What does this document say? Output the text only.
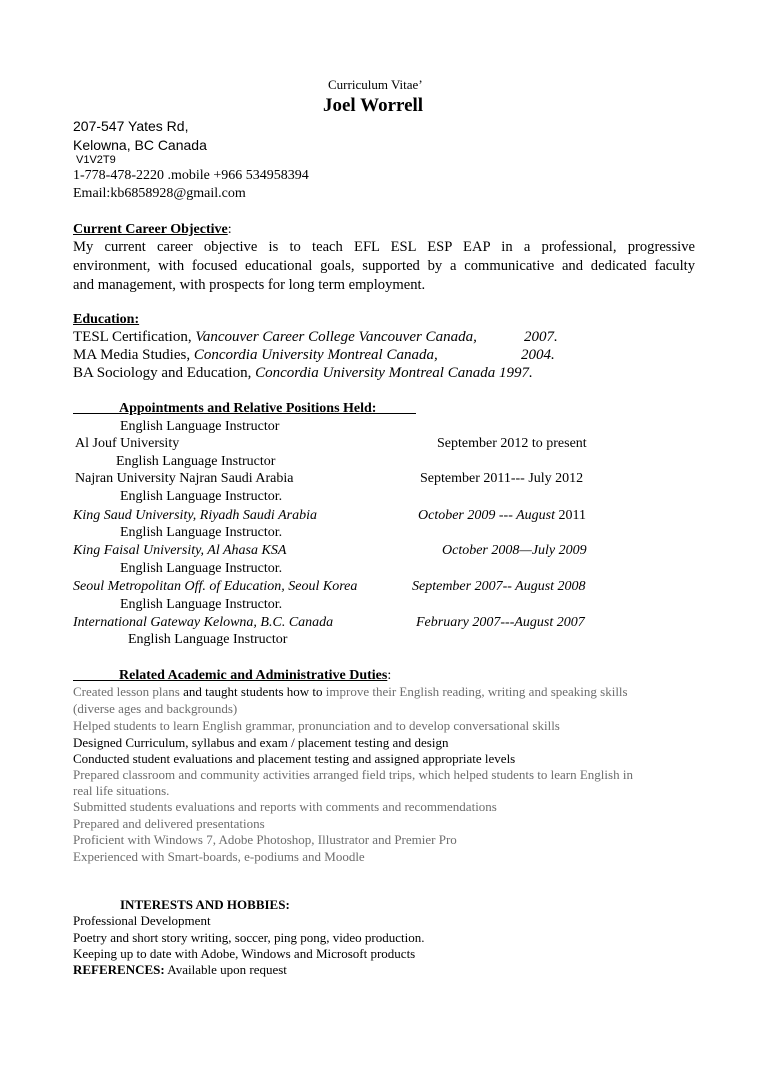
Curriculum Vitae’
Joel Worrell
207-547 Yates Rd,
Kelowna, BC Canada
V1V2T9
1-778-478-2220 .mobile +966 534958394
Email:kb6858928@gmail.com
Current Career Objective:
My current career objective is to teach EFL ESL ESP EAP in a professional, progressive
environment, with focused educational goals, supported by a communicative and dedicated faculty
and management, with prospects for long term employment.
Education:
TESL Certification, Vancouver Career College Vancouver Canada,	2007.
MA Media Studies, Concordia University Montreal Canada,	2004.
BA Sociology and Education, Concordia University Montreal Canada 1997.
Appointments and Relative Positions Held:
English Language Instructor
Al Jouf University	September 2012 to present
English Language Instructor
Najran University Najran Saudi Arabia	September 2011--- July 2012
English Language Instructor.
King Saud University, Riyadh Saudi Arabia	October 2009 --- August 2011
English Language Instructor.
King Faisal University, Al Ahasa KSA	October 2008—July 2009
English Language Instructor.
Seoul Metropolitan Off. of Education, Seoul Korea	September 2007-- August 2008
English Language Instructor.
International Gateway Kelowna, B.C. Canada	February 2007---August 2007
English Language Instructor
Related Academic and Administrative Duties:
Created lesson plans and taught students how to improve their English reading, writing and speaking skills
(diverse ages and backgrounds)
Helped students to learn English grammar, pronunciation and to develop conversational skills
Designed Curriculum, syllabus and exam / placement testing and design
Conducted student evaluations and placement testing and assigned appropriate levels
Prepared classroom and community activities arranged field trips, which helped students to learn English in
real life situations.
Submitted students evaluations and reports with comments and recommendations
Prepared and delivered presentations
Proficient with Windows 7, Adobe Photoshop, Illustrator and Premier Pro
Experienced with Smart-boards, e-podiums and Moodle
INTERESTS AND HOBBIES:
Professional Development
Poetry and short story writing, soccer, ping pong, video production.
Keeping up to date with Adobe, Windows and Microsoft products
REFERENCES: Available upon request
